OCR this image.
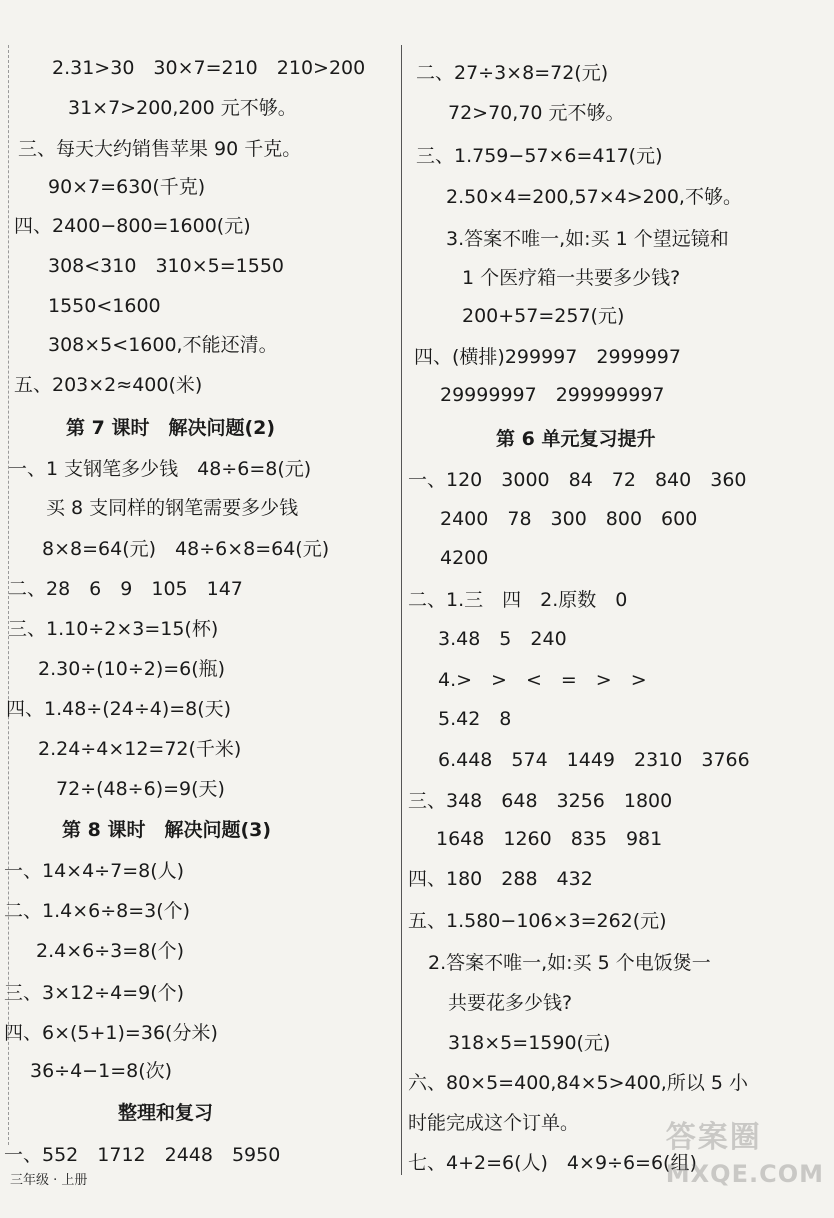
2.31>30　30×7=210　210>200
31×7>200,200 元不够。
三、每天大约销售苹果 90 千克。
90×7=630(千克)
四、2400−800=1600(元)
308<310　310×5=1550
1550<1600
308×5<1600,不能还清。
五、203×2≈400(米)
第 7 课时　解决问题(2)
一、1 支钢笔多少钱　48÷6=8(元)
买 8 支同样的钢笔需要多少钱
8×8=64(元)　48÷6×8=64(元)
二、28　6　9　105　147
三、1.10÷2×3=15(杯)
2.30÷(10÷2)=6(瓶)
四、1.48÷(24÷4)=8(天)
2.24÷4×12=72(千米)
72÷(48÷6)=9(天)
第 8 课时　解决问题(3)
一、14×4÷7=8(人)
二、1.4×6÷8=3(个)
2.4×6÷3=8(个)
三、3×12÷4=9(个)
四、6×(5+1)=36(分米)
36÷4−1=8(次)
整理和复习
一、552　1712　2448　5950
二、27÷3×8=72(元)
72>70,70 元不够。
三、1.759−57×6=417(元)
2.50×4=200,57×4>200,不够。
3.答案不唯一,如:买 1 个望远镜和
1 个医疗箱一共要多少钱?
200+57=257(元)
四、(横排)299997　2999997
29999997　299999997
第 6 单元复习提升
一、120　3000　84　72　840　360
2400　78　300　800　600
4200
二、1.三　四　2.原数　0
3.48　5　240
4.>　>　<　=　>　>
5.42　8
6.448　574　1449　2310　3766
三、348　648　3256　1800
1648　1260　835　981
四、180　288　432
五、1.580−106×3=262(元)
2.答案不唯一,如:买 5 个电饭煲一
共要花多少钱?
318×5=1590(元)
六、80×5=400,84×5>400,所以 5 小
时能完成这个订单。
七、4+2=6(人)　4×9÷6=6(组)
三年级 · 上册
答案圈
MXQE.COM
